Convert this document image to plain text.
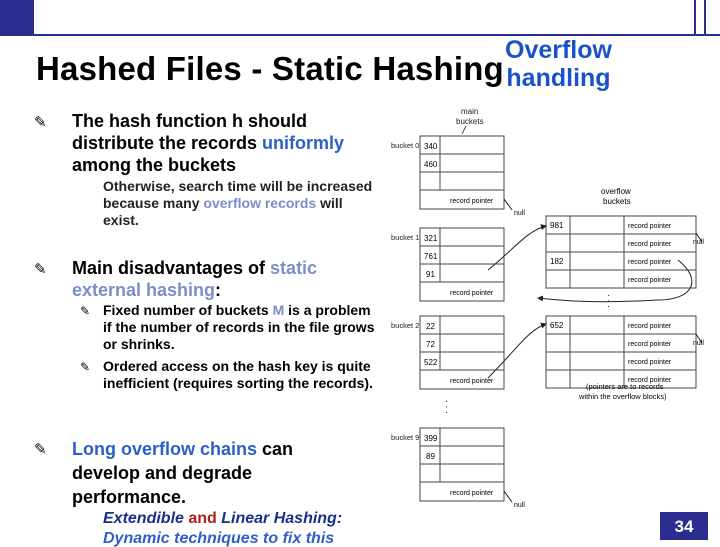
Hashed Files - Static Hashing Overflow
handling
✎ The hash function h should distribute the records uniformly among the buckets
Otherwise, search time will be increased because many overflow records will exist.
✎ Main disadvantages of static external hashing:
✎ Fixed number of buckets M is a problem if the number of records in the file grows or shrinks.
✎ Ordered access on the hash key is quite inefficient (requires sorting the records).
✎ Long overflow chains can develop and degrade performance.
Extendible and Linear Hashing:
Dynamic techniques to fix this
main
buckets
bucket 0 340
460
record pointer
null
bucket 1 321
761
91
record pointer
. . .
bucket 2 22
72
522
record pointer
bucket 9 399
89
record pointer
null
overflow
buckets
981
182
record pointer
record pointer
record pointer
record pointer
null
652	record pointer
record pointer
record pointer
record pointer
null
. . .
(pointers are to records
within the overflow blocks)
34
